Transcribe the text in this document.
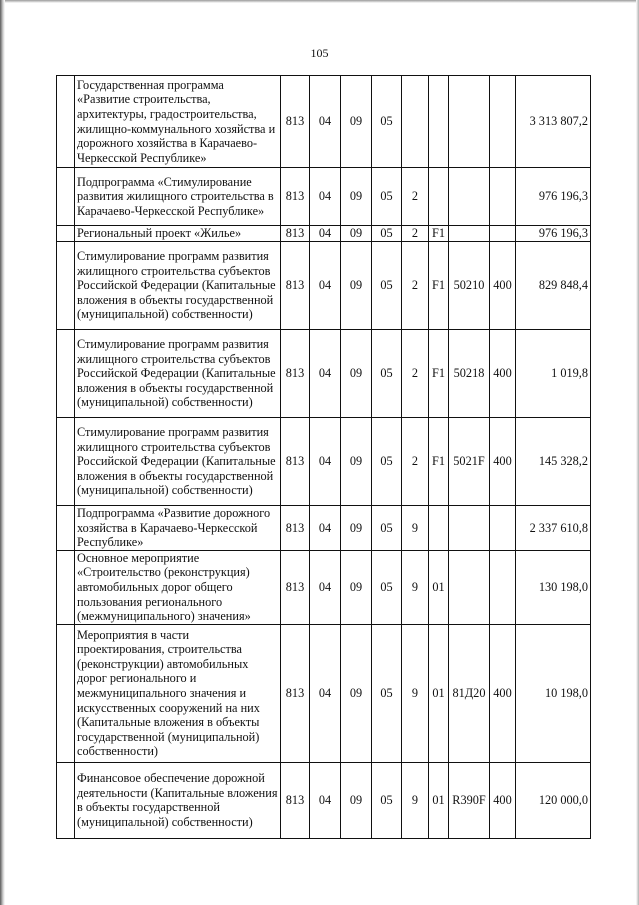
105
	Государственная программа «Развитие строительства, архитектуры, градостроительства, жилищно-коммунального хозяйства и дорожного хозяйства в Карачаево-Черкесской Республике»	813	04	09	05					3 313 807,2
	Подпрограмма «Стимулирование развития жилищного строительства в Карачаево-Черкесской Республике»	813	04	09	05	2				976 196,3
	Региональный проект «Жилье»	813	04	09	05	2	F1			976 196,3
	Стимулирование программ развития жилищного строительства субъектов Российской Федерации (Капитальные вложения в объекты государственной (муниципальной) собственности)	813	04	09	05	2	F1	50210	400	829 848,4
	Стимулирование программ развития жилищного строительства субъектов Российской Федерации (Капитальные вложения в объекты государственной (муниципальной) собственности)	813	04	09	05	2	F1	50218	400	1 019,8
	Стимулирование программ развития жилищного строительства субъектов Российской Федерации (Капитальные вложения в объекты государственной (муниципальной) собственности)	813	04	09	05	2	F1	5021F	400	145 328,2
	Подпрограмма «Развитие дорожного хозяйства в Карачаево-Черкесской Республике»	813	04	09	05	9				2 337 610,8
	Основное мероприятие «Строительство (реконструкция) автомобильных дорог общего пользования регионального (межмуниципального) значения»	813	04	09	05	9	01			130 198,0
	Мероприятия в части проектирования, строительства (реконструкции) автомобильных дорог регионального и межмуниципального значения и искусственных сооружений на них (Капитальные вложения в объекты государственной (муниципальной) собственности)	813	04	09	05	9	01	81Д20	400	10 198,0
	Финансовое обеспечение дорожной деятельности (Капитальные вложения в объекты государственной (муниципальной) собственности)	813	04	09	05	9	01	R390F	400	120 000,0
